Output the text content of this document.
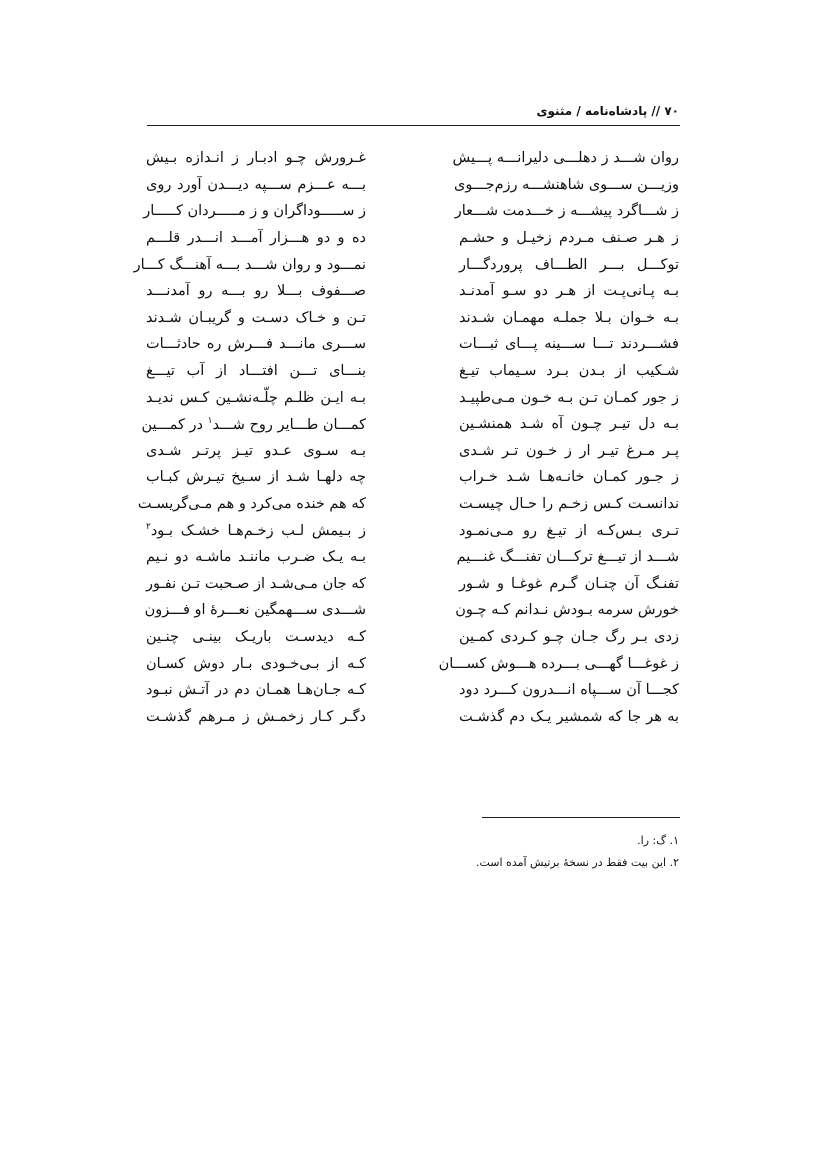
۷۰ // پادشاه‌نامه / مثنوی
روان شـــد ز دهلـــی دلیرانـــه پـــیش
غـرورش چـو ادبـار ز انـدازه بـیش
وزیـــن ســـوی شاهنشـــه رزم‌جـــوی
بـــه عـــزم ســـپه دیـــدن آورد روی
ز شـــاگرد پیشـــه ز خـــدمت شـــعار
ز ســـــوداگران و ز مـــــردان کـــــار
ز هـر صـنف مـردم زخیـل و حشـم
ده و دو هـــزار آمـــد انـــدر قلـــم
توکـــل بـــر الطـــاف پروردگـــار
نمـــود و روان شـــد بـــه آهنـــگ کـــار
بـه پـانی‌پـت از هـر دو سـو آمدنـد
صـــفوف بـــلا رو بـــه رو آمدنـــد
بـه خـوان بـلا جملـه مهمـان شـدند
تـن و خـاک دسـت و گریبـان شـدند
فشـــردند تـــا ســـینه پـــای ثبـــات
ســـری مانـــد فـــرش ره حادثـــات
شـکیب از بـدن بـرد سـیماب تیـغ
بنـــای تـــن افتـــاد از آب تیـــغ
ز جور کمـان تـن بـه خـون مـی‌طپیـد
بـه ایـن ظلـم چلّـه‌نشـین کـس ندیـد
بـه دل تیـر چـون آه شـد همنشـین
کمـــان طـــایر روح شـــد$^۱$ در کمـــین
پـر مـرغ تیـر ار ز خـون تـر شـدی
بـه سـوی عـدو تیـز پرتـر شـدی
ز جـور کمـان خانـه‌هـا شـد خـراب
چه دلهـا شـد از سـیخ تیـرش کبـاب
ندانسـت کـس زخـم را حـال چیسـت
که هم خنده می‌کرد و هم مـی‌گریسـت
تـری بـس‌کـه از تیـغ رو مـی‌نمـود
ز بـیمش لـب زخـم‌هـا خشـک بـود$^۲$
شـــد از تیـــغ ترکـــان تفنـــگ غنـــیم
بـه یـک ضـرب ماننـد ماشـه دو نـیم
تفنـگ آن چنـان گـرم غوغـا و شـور
که جان مـی‌شـد از صـحبت تـن نفـور
خورش سرمه بـودش نـدانم کـه چـون
شـــدی ســـهمگین نعـــرۀ او فـــزون
زدی بـر رگ جـان چـو کـردی کمـین
کـه دیدسـت باریـک بینـی چنـین
ز غوغـــا گهـــی بـــرده هـــوش کســـان
کـه از بـی‌خـودی بـار دوش کسـان
کجـــا آن ســـپاه انـــدرون کـــرد دود
کـه جـان‌هـا همـان دم در آتـش نبـود
به هر جا که شمشیر یـک دم گذشـت
دگـر کـار زخمـش ز مـرهم گذشـت
۱. گ: را.
۲. این بیت فقط در نسخهٔ برتیش آمده است.
